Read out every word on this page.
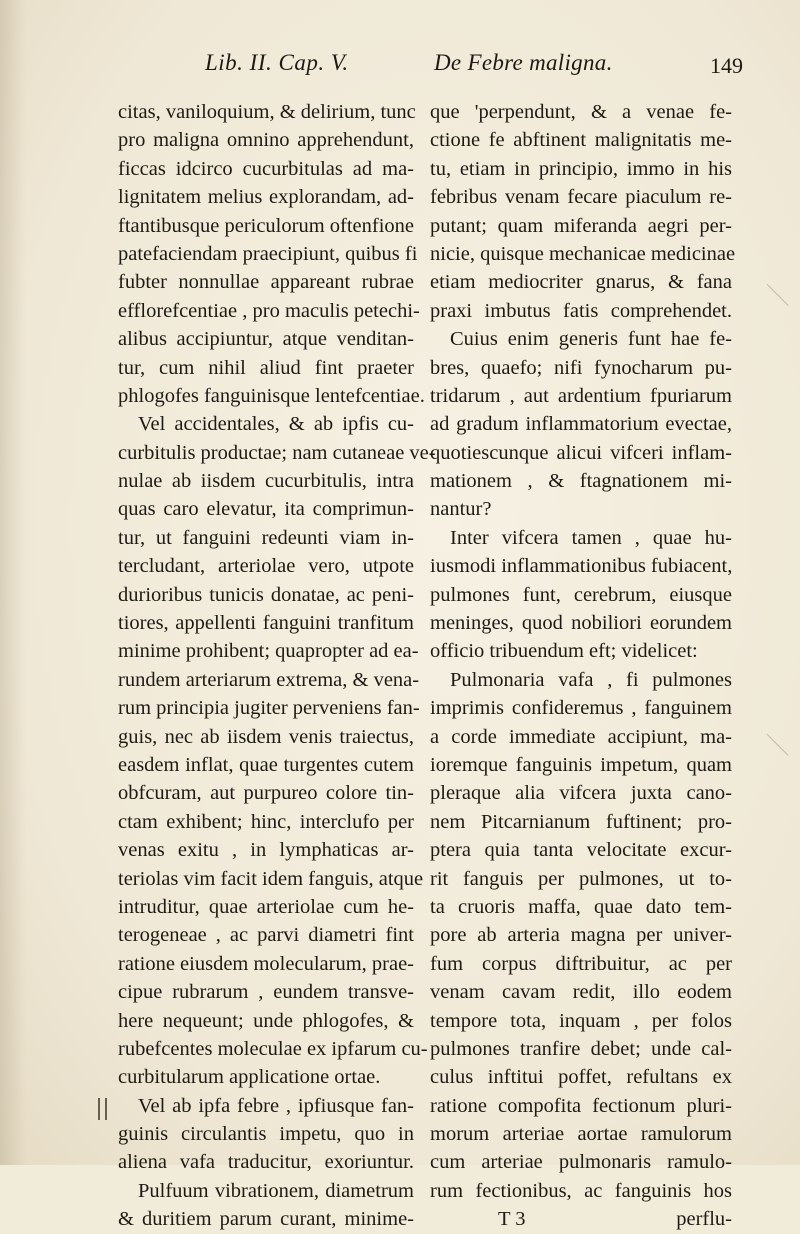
Lib. II. Cap. V.	De Febre maligna.	149
citas, vaniloquium, & delirium, tunc
pro maligna omnino apprehendunt,
ficcas idcirco cucurbitulas ad ma-
lignitatem melius explorandam, ad-
ftantibusque periculorum oftenfione
patefaciendam praecipiunt, quibus fi
fubter nonnullae appareant rubrae
efflorefcentiae , pro maculis petechi-
alibus accipiuntur, atque venditan-
tur, cum nihil aliud fint praeter
phlogofes fanguinisque lentefcentiae.
Vel accidentales, & ab ipfis cu-
curbitulis productae; nam cutaneae ve-
nulae ab iisdem cucurbitulis, intra
quas caro elevatur, ita comprimun-
tur, ut fanguini redeunti viam in-
tercludant, arteriolae vero, utpote
durioribus tunicis donatae, ac peni-
tiores, appellenti fanguini tranfitum
minime prohibent; quapropter ad ea-
rundem arteriarum extrema, & vena-
rum principia jugiter perveniens fan-
guis, nec ab iisdem venis traiectus,
easdem inflat, quae turgentes cutem
obfcuram, aut purpureo colore tin-
ctam exhibent; hinc, interclufo per
venas exitu , in lymphaticas ar-
teriolas vim facit idem fanguis, atque
intruditur, quae arteriolae cum he-
terogeneae , ac parvi diametri fint
ratione eiusdem molecularum, prae-
cipue rubrarum , eundem transve-
here nequeunt; unde phlogofes, &
rubefcentes moleculae ex ipfarum cu-
curbitularum applicatione ortae.
Vel ab ipfa febre , ipfiusque fan-
guinis circulantis impetu, quo in
aliena vafa traducitur, exoriuntur.
Pulfuum vibrationem, diametrum
& duritiem parum curant, minime-
que 'perpendunt, & a venae fe-
ctione fe abftinent malignitatis me-
tu, etiam in principio, immo in his
febribus venam fecare piaculum re-
putant; quam miferanda aegri per-
nicie, quisque mechanicae medicinae
etiam mediocriter gnarus, & fana
praxi imbutus fatis comprehendet.
Cuius enim generis funt hae fe-
bres, quaefo; nifi fynocharum pu-
tridarum , aut ardentium fpuriarum
ad gradum inflammatorium evectae,
quotiescunque alicui vifceri inflam-
mationem , & ftagnationem mi-
nantur?
Inter vifcera tamen , quae hu-
iusmodi inflammationibus fubiacent,
pulmones funt, cerebrum, eiusque
meninges, quod nobiliori eorundem
officio tribuendum eft; videlicet:
Pulmonaria vafa , fi pulmones
imprimis confideremus , fanguinem
a corde immediate accipiunt, ma-
ioremque fanguinis impetum, quam
pleraque alia vifcera juxta cano-
nem Pitcarnianum fuftinent; pro-
ptera quia tanta velocitate excur-
rit fanguis per pulmones, ut to-
ta cruoris maffa, quae dato tem-
pore ab arteria magna per univer-
fum corpus diftribuitur, ac per
venam cavam redit, illo eodem
tempore tota, inquam , per folos
pulmones tranfire debet; unde cal-
culus inftitui poffet, refultans ex
ratione compofita fectionum pluri-
morum arteriae aortae ramulorum
cum arteriae pulmonaris ramulo-
rum fectionibus, ac fanguinis hos
T 3	perflu-
